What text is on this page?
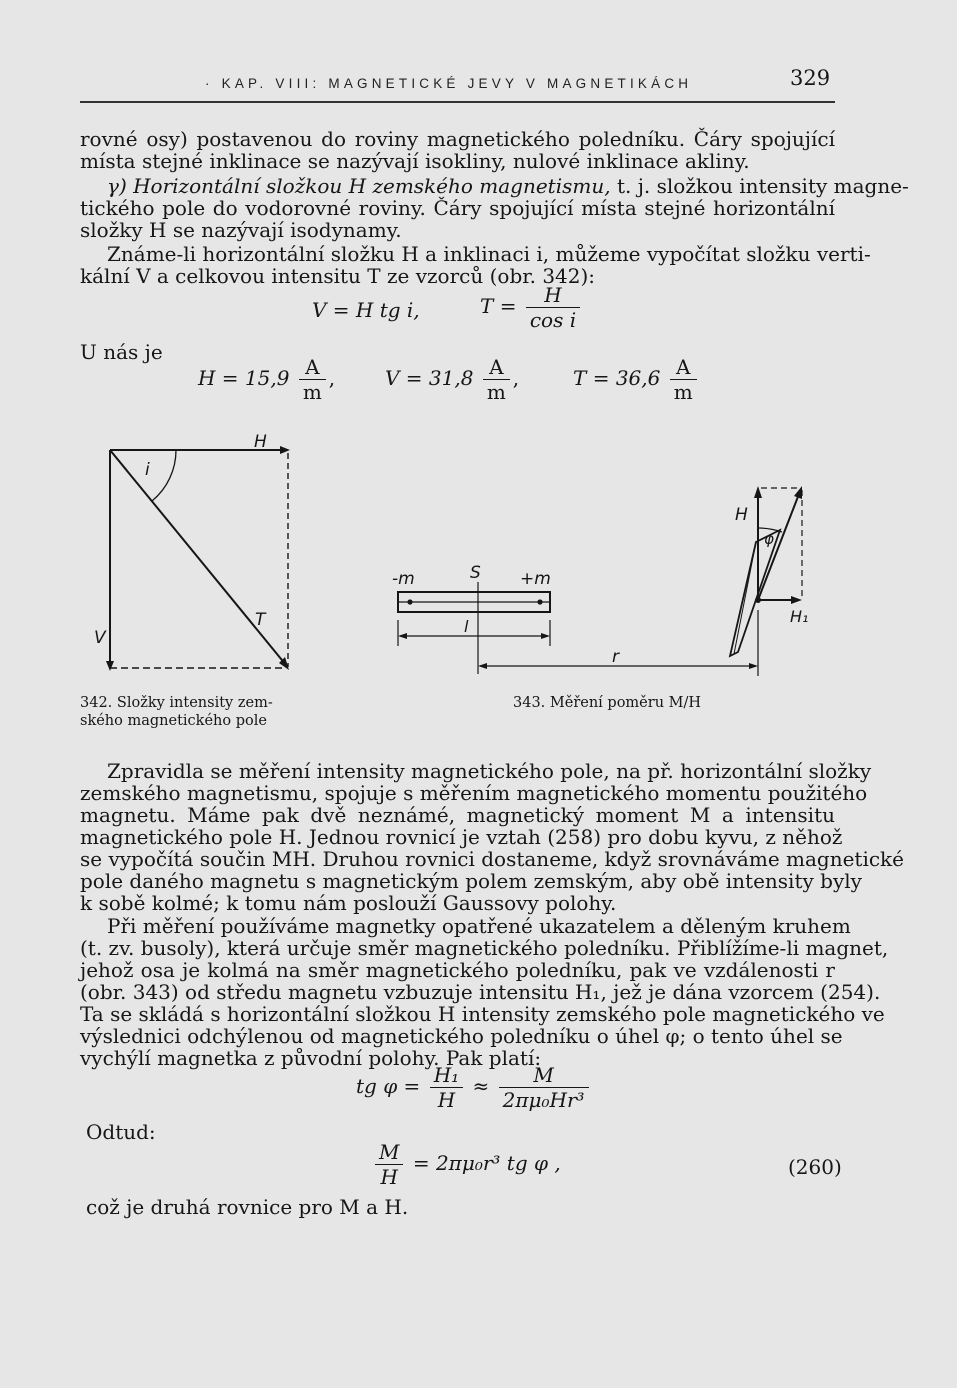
· KAP. VIII: MAGNETICKÉ JEVY V MAGNETIKÁCH	329
rovné osy) postavenou do roviny magnetického poledníku. Čáry spojující
místa stejné inklinace se nazývají isokliny, nulové inklinace akliny.
γ) Horizontální složkou H zemského magnetismu, t. j. složkou intensity magne-
tického pole do vodorovné roviny. Čáry spojující místa stejné horizontální
složky H se nazývají isodynamy.
Známe-li horizontální složku H a inklinaci i, můžeme vypočítat složku verti-
kální V a celkovou intensitu T ze vzorců (obr. 342):
V = H tg i,	$T = \frac{H}{\text{cos i}}$
U nás je
$H = 15,9 \frac{A}{m}$ , $V = 31,8 \frac{A}{m}$ ,	$T = 36,6 \frac{A}{m}$
H
i
V
T
342. Složky intensity zem-
ského magnetického pole
-m	S +m
l
r
H
φ
H₁
343. Měření poměru M/H
Zpravidla se měření intensity magnetického pole, na př. horizontální složky
zemského magnetismu, spojuje s měřením magnetického momentu použitého
magnetu. Máme pak dvě neznámé, magnetický moment M a intensitu
magnetického pole H. Jednou rovnicí je vztah (258) pro dobu kyvu, z něhož
se vypočítá součin MH. Druhou rovnici dostaneme, když srovnáváme magnetické
pole daného magnetu s magnetickým polem zemským, aby obě intensity byly
k sobě kolmé; k tomu nám poslouží Gaussovy polohy.
Při měření používáme magnetky opatřené ukazatelem a děleným kruhem
(t. zv. busoly), která určuje směr magnetického poledníku. Přiblížíme-li magnet,
jehož osa je kolmá na směr magnetického poledníku, pak ve vzdálenosti r
(obr. 343) od středu magnetu vzbuzuje intensitu H₁, jež je dána vzorcem (254).
Ta se skládá s horizontální složkou H intensity zemského pole magnetického ve
výslednici odchýlenou od magnetického poledníku o úhel φ; o tento úhel se
vychýlí magnetka z původní polohy. Pak platí:
tg $\varphi = \frac{\text{H₁}}{H} \approx \frac{M}{\text{2πμ₀Hr³}}$
Odtud:
$\frac{M}{H} = 2\pi\mu_0r^3$ tg φ ,	(260)
což je druhá rovnice pro M a H.
